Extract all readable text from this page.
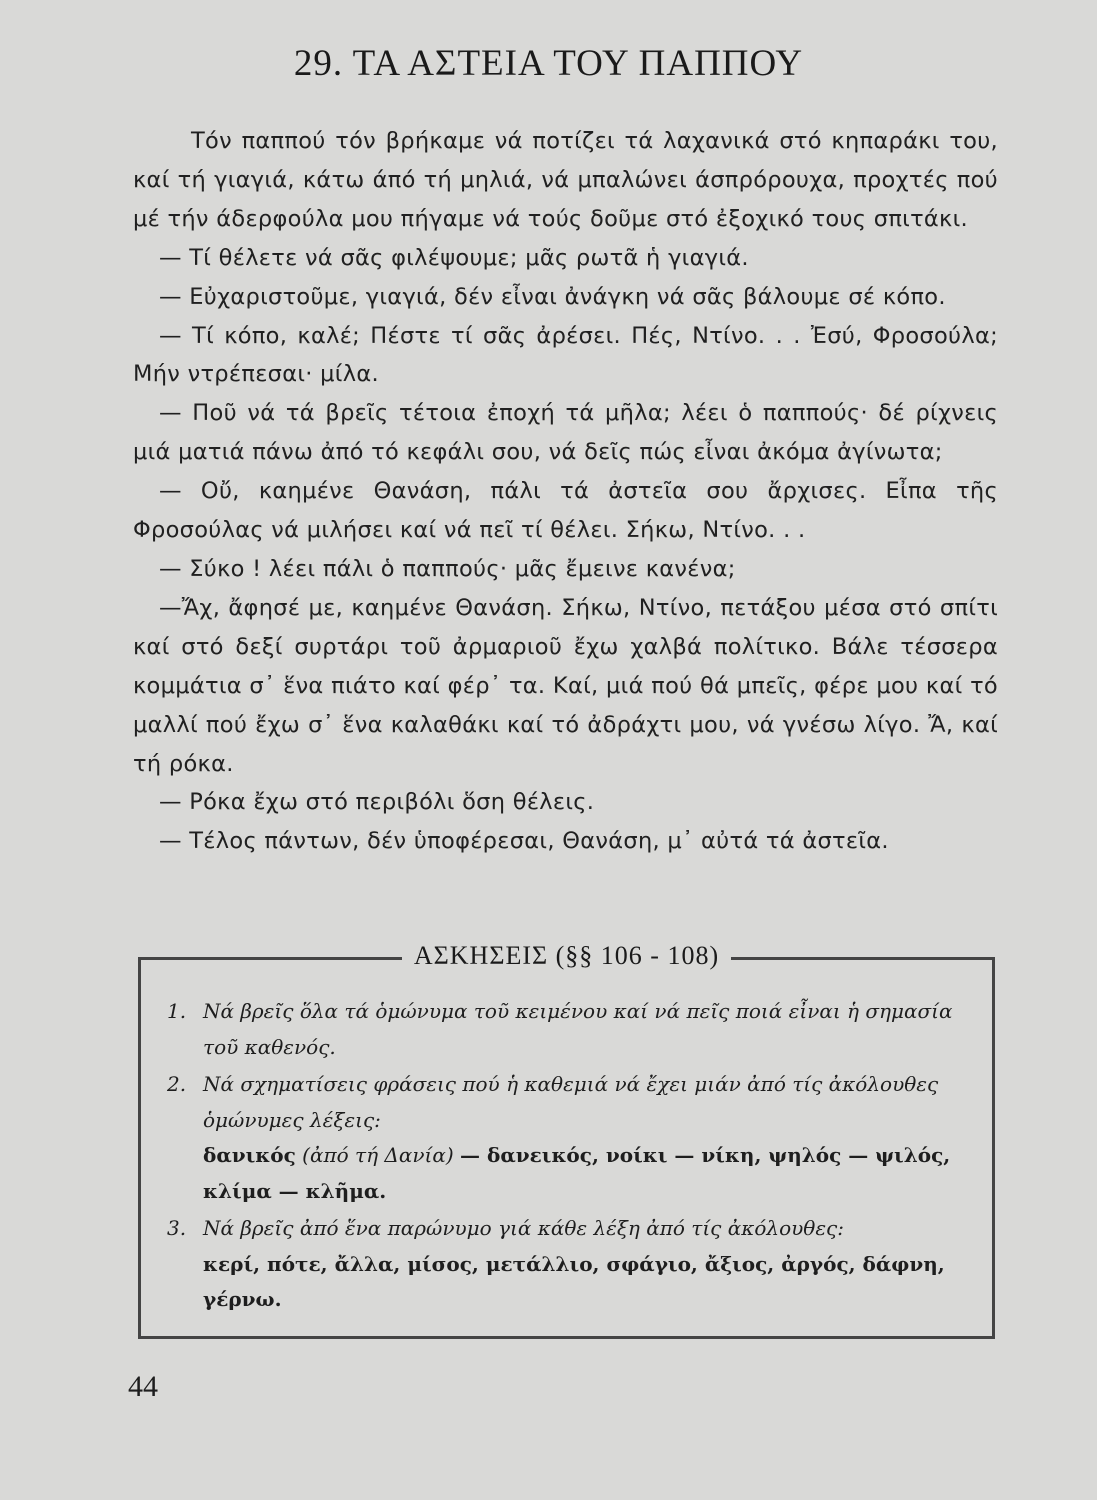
29. ΤΑ ΑΣΤΕΙΑ ΤΟΥ ΠΑΠΠΟΥ

Τόν παππού τόν βρήκαμε νά ποτίζει τά λαχανικά στό κηπαράκι του, καί τή γιαγιά, κάτω άπό τή μηλιά, νά μπαλώνει άσπρόρουχα, προχτές πού μέ τήν άδερφούλα μου πήγαμε νά τούς δοῦμε στό ἐξοχικό τους σπιτάκι.

— Τί θέλετε νά σᾶς φιλέψουμε; μᾶς ρωτᾶ ἡ γιαγιά.

— Εὐχαριστοῦμε, γιαγιά, δέν εἶναι ἀνάγκη νά σᾶς βάλουμε σέ κόπο.

— Τί κόπο, καλέ; Πέστε τί σᾶς ἀρέσει. Πές, Ντίνο. . . Ἐσύ, Φροσούλα; Μήν ντρέπεσαι· μίλα.

— Ποῦ νά τά βρεῖς τέτοια ἐποχή τά μῆλα; λέει ὁ παππούς· δέ ρίχνεις μιά ματιά πάνω ἀπό τό κεφάλι σου, νά δεῖς πώς εἶναι ἀκόμα ἀγίνωτα;

— Οὔ, καημένε Θανάση, πάλι τά ἀστεῖα σου ἄρχισες. Εἶπα τῆς Φροσούλας νά μιλήσει καί νά πεῖ τί θέλει. Σήκω, Ντίνο. . .

— Σύκο ! λέει πάλι ὁ παππούς· μᾶς ἔμεινε κανένα;

—Ἄχ, ἄφησέ με, καημένε Θανάση. Σήκω, Ντίνο, πετάξου μέσα στό σπίτι καί στό δεξί συρτάρι τοῦ ἀρμαριοῦ ἔχω χαλβά πολίτικο. Βάλε τέσσερα κομμάτια σ᾽ ἕνα πιάτο καί φέρ᾽ τα. Καί, μιά πού θά μπεῖς, φέρε μου καί τό μαλλί πού ἔχω σ᾽ ἕνα καλαθάκι καί τό ἀδράχτι μου, νά γνέσω λίγο. Ἄ, καί τή ρόκα.

— Ρόκα ἔχω στό περιβόλι ὅση θέλεις.

— Τέλος πάντων, δέν ὑποφέρεσαι, Θανάση, μ᾽ αὐτά τά ἀστεῖα.

ΑΣΚΗΣΕΙΣ (§§ 106 - 108)
1. Νά βρεῖς ὅλα τά ὁμώνυμα τοῦ κειμένου καί νά πεῖς ποιά εἶναι ἡ σημασία τοῦ καθενός.
2. Νά σχηματίσεις φράσεις πού ἡ καθεμιά νά ἔχει μιάν ἀπό τίς ἀκόλουθες ὁμώνυμες λέξεις:
δανικός (ἀπό τή Δανία) — δανεικός, νοίκι — νίκη, ψηλός — ψιλός, κλίμα — κλῆμα.
3. Νά βρεῖς ἀπό ἕνα παρώνυμο γιά κάθε λέξη ἀπό τίς ἀκόλουθες:
κερί, πότε, ἄλλα, μίσος, μετάλλιο, σφάγιο, ἄξιος, ἀργός, δάφνη, γέρνω.
44
